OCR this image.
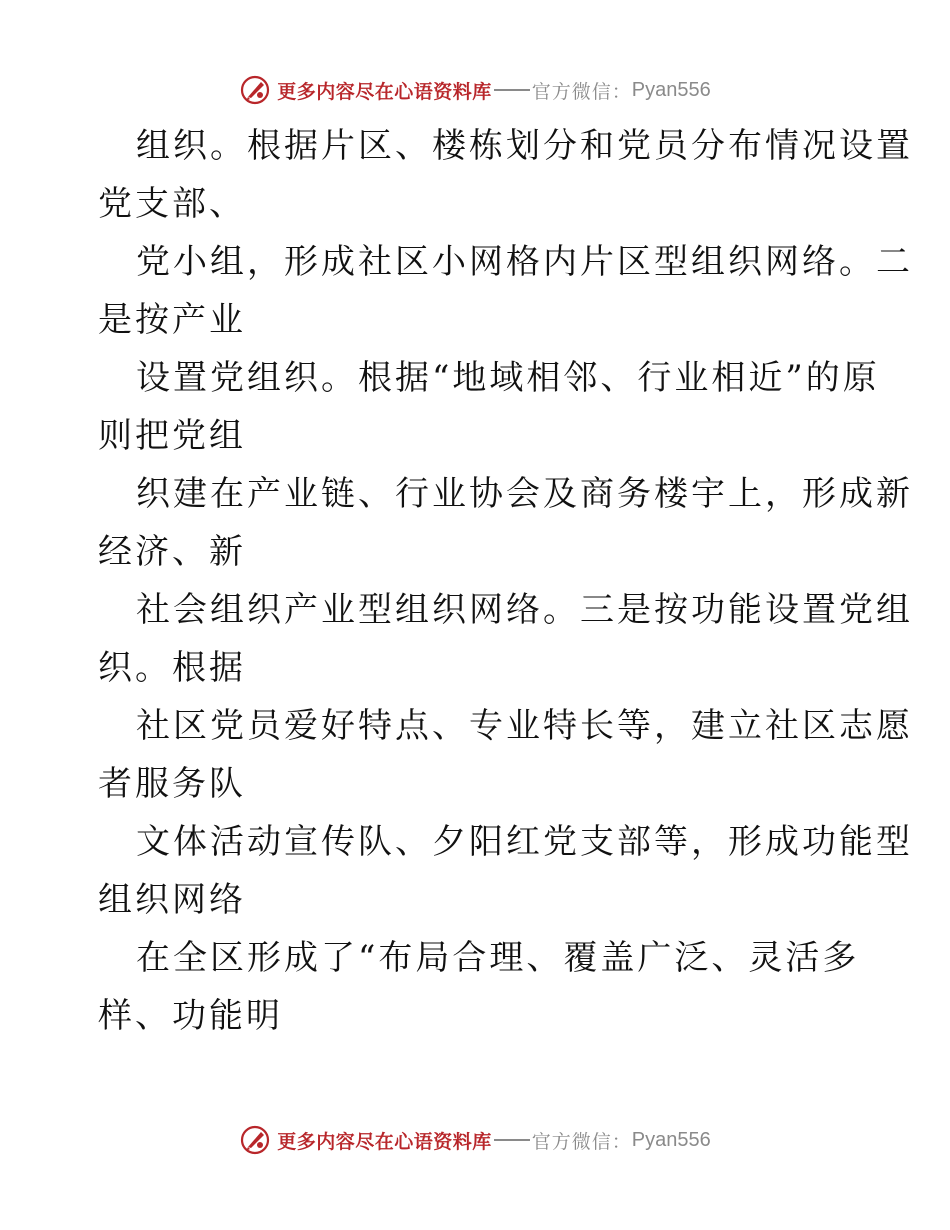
更多内容尽在心语资料库 官方微信： Pyan556

组织。根据片区、楼栋划分和党员分布情况设置
党支部、

党小组，形成社区小网格内片区型组织网络。二
是按产业

设置党组织。根据“地域相邻、行业相近”的原
则把党组

织建在产业链、行业协会及商务楼宇上，形成新
经济、新

社会组织产业型组织网络。三是按功能设置党组
织。根据

社区党员爱好特点、专业特长等，建立社区志愿
者服务队

文体活动宣传队、夕阳红党支部等，形成功能型
组织网络

在全区形成了“布局合理、覆盖广泛、灵活多
样、功能明

更多内容尽在心语资料库 官方微信： Pyan556
